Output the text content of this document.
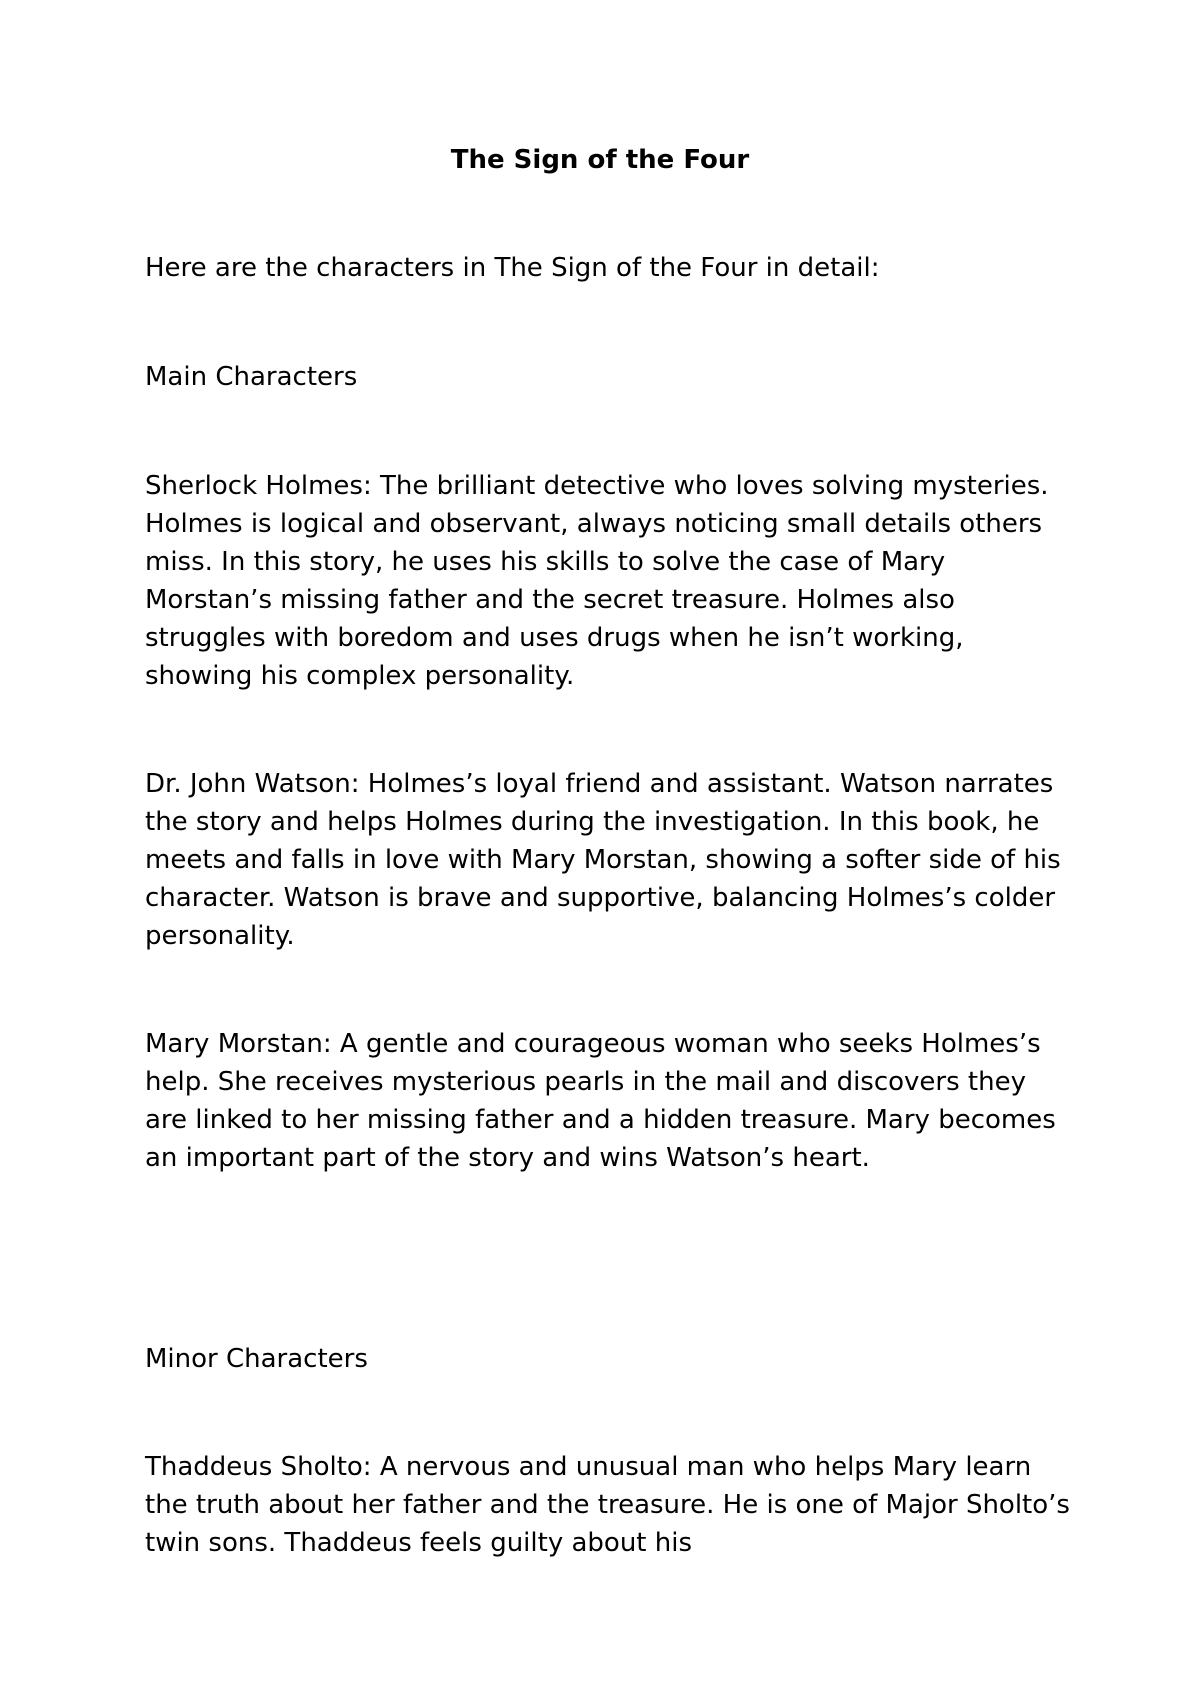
The Sign of the Four

Here are the characters in The Sign of the Four in detail:

Main Characters

Sherlock Holmes: The brilliant detective who loves solving mysteries. Holmes is logical and observant, always noticing small details others miss. In this story, he uses his skills to solve the case of Mary Morstan’s missing father and the secret treasure. Holmes also struggles with boredom and uses drugs when he isn’t working, showing his complex personality.

Dr. John Watson: Holmes’s loyal friend and assistant. Watson narrates the story and helps Holmes during the investigation. In this book, he meets and falls in love with Mary Morstan, showing a softer side of his character. Watson is brave and supportive, balancing Holmes’s colder personality.

Mary Morstan: A gentle and courageous woman who seeks Holmes’s help. She receives mysterious pearls in the mail and discovers they are linked to her missing father and a hidden treasure. Mary becomes an important part of the story and wins Watson’s heart.

Minor Characters

Thaddeus Sholto: A nervous and unusual man who helps Mary learn the truth about her father and the treasure. He is one of Major Sholto’s twin sons. Thaddeus feels guilty about his
